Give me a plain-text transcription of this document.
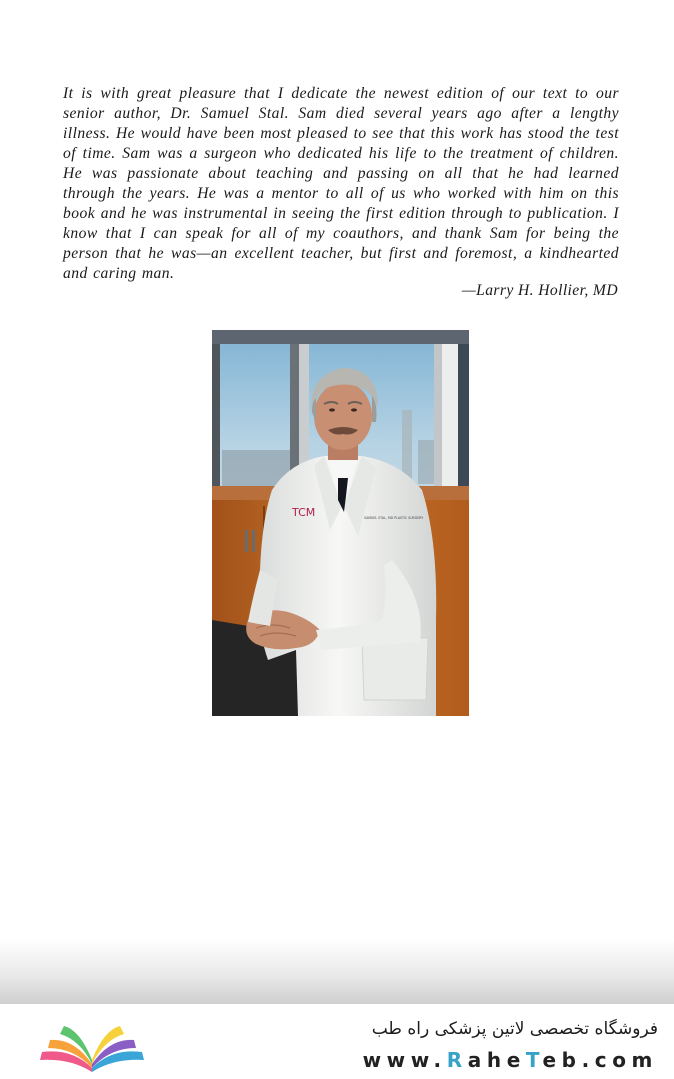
It is with great pleasure that I dedicate the newest edition of our text to our senior author, Dr. Samuel Stal. Sam died several years ago after a lengthy illness. He would have been most pleased to see that this work has stood the test of time. Sam was a surgeon who dedicated his life to the treatment of children. He was passionate about teaching and passing on all that he had learned through the years. He was a mentor to all of us who worked with him on this book and he was instrumental in seeing the first edition through to publication. I know that I can speak for all of my coauthors, and thank Sam for being the person that he was—an excellent teacher, but first and foremost, a kindhearted and caring man.

—Larry H. Hollier, MD

TCM	SAMUEL STAL, MD PLASTIC SURGERY
فروشگاه تخصصی لاتین پزشکی راه طب
www.RaheTeb.com
